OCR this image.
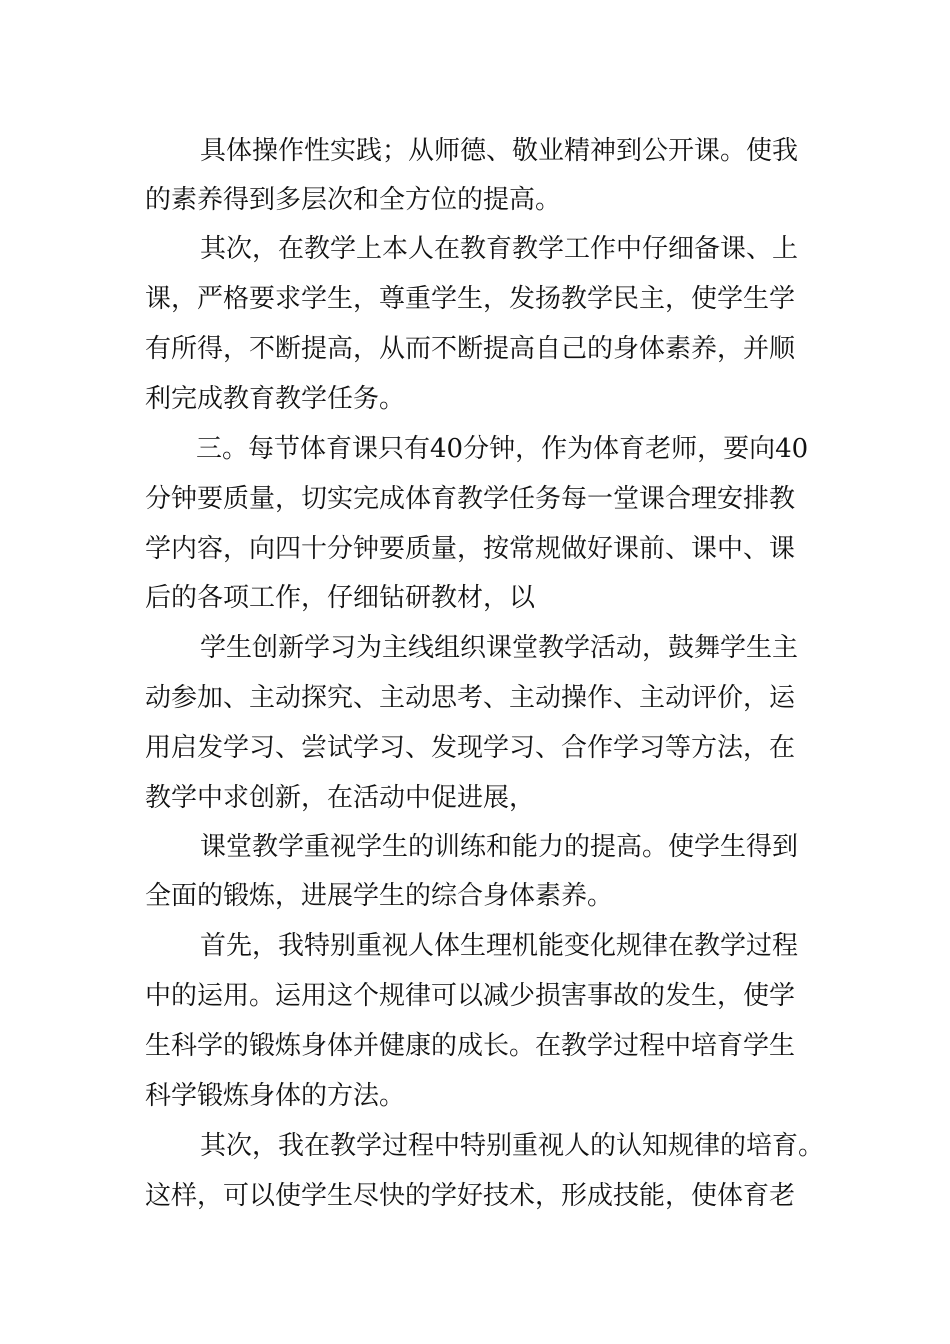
具体操作性实践；从师德、敬业精神到公开课。使我
的素养得到多层次和全方位的提高。
其次，在教学上本人在教育教学工作中仔细备课、上
课，严格要求学生，尊重学生，发扬教学民主，使学生学
有所得，不断提高，从而不断提高自己的身体素养，并顺
利完成教育教学任务。
三。每节体育课只有40分钟，作为体育老师，要向40
分钟要质量，切实完成体育教学任务每一堂课合理安排教
学内容，向四十分钟要质量，按常规做好课前、课中、课
后的各项工作，仔细钻研教材，以
学生创新学习为主线组织课堂教学活动，鼓舞学生主
动参加、主动探究、主动思考、主动操作、主动评价，运
用启发学习、尝试学习、发现学习、合作学习等方法，在
教学中求创新，在活动中促进展，
课堂教学重视学生的训练和能力的提高。使学生得到
全面的锻炼，进展学生的综合身体素养。
首先，我特别重视人体生理机能变化规律在教学过程
中的运用。运用这个规律可以减少损害事故的发生，使学
生科学的锻炼身体并健康的成长。在教学过程中培育学生
科学锻炼身体的方法。
其次，我在教学过程中特别重视人的认知规律的培育。
这样，可以使学生尽快的学好技术，形成技能，使体育老
